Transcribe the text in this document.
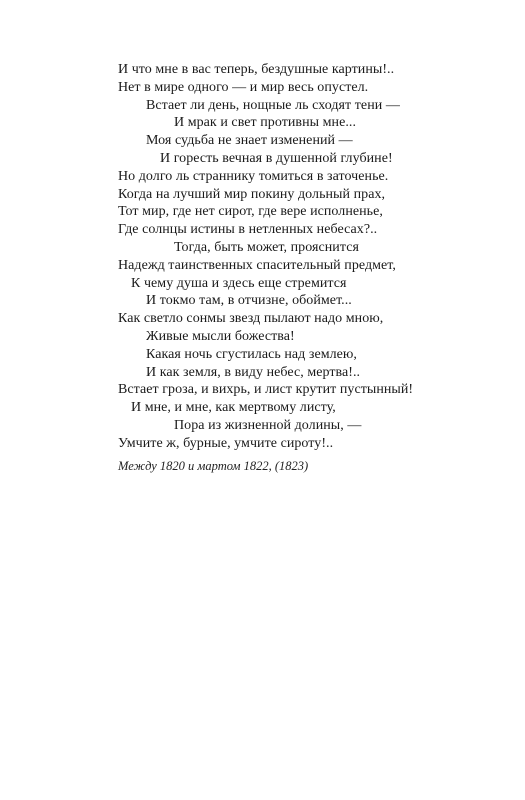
И что мне в вас теперь, бездушные картины!..
Нет в мире одного — и мир весь опустел.
Встает ли день, нощные ль сходят тени —
И мрак и свет противны мне...
Моя судьба не знает изменений —
И горесть вечная в душенной глубине!
Но долго ль страннику томиться в заточенье.
Когда на лучший мир покину дольный прах,
Тот мир, где нет сирот, где вере исполненье,
Где солнцы истины в нетленных небесах?..
Тогда, быть может, прояснится
Надежд таинственных спасительный предмет,
К чему душа и здесь еще стремится
И токмо там, в отчизне, обоймет...
Как светло сонмы звезд пылают надо мною,
Живые мысли божества!
Какая ночь сгустилась над землею,
И как земля, в виду небес, мертва!..
Встает гроза, и вихрь, и лист крутит пустынный!
И мне, и мне, как мертвому листу,
Пора из жизненной долины, —
Умчите ж, бурные, умчите сироту!..
Между 1820 и мартом 1822, (1823)
